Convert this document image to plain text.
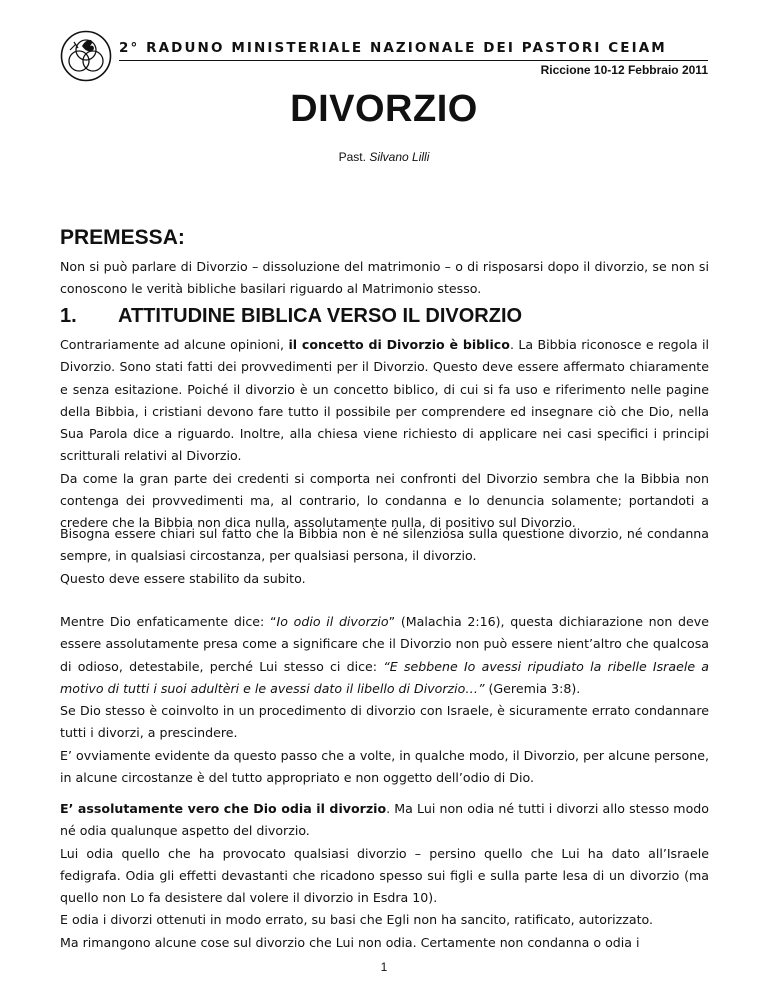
2° RADUNO MINISTERIALE NAZIONALE DEI PASTORI CEIAM
Riccione 10-12 Febbraio 2011
DIVORZIO
Past. Silvano Lilli
PREMESSA:

Non si può parlare di Divorzio – dissoluzione del matrimonio – o di risposarsi dopo il divorzio, se non si conoscono le verità bibliche basilari riguardo al Matrimonio stesso.

1. ATTITUDINE BIBLICA VERSO IL DIVORZIO

Contrariamente ad alcune opinioni, il concetto di Divorzio è biblico. La Bibbia riconosce e regola il Divorzio. Sono stati fatti dei provvedimenti per il Divorzio. Questo deve essere affermato chiaramente e senza esitazione. Poiché il divorzio è un concetto biblico, di cui si fa uso e riferimento nelle pagine della Bibbia, i cristiani devono fare tutto il possibile per comprendere ed insegnare ciò che Dio, nella Sua Parola dice a riguardo. Inoltre, alla chiesa viene richiesto di applicare nei casi specifici i principi scritturali relativi al Divorzio.

Da come la gran parte dei credenti si comporta nei confronti del Divorzio sembra che la Bibbia non contenga dei provvedimenti ma, al contrario, lo condanna e lo denuncia solamente; portandoti a credere che la Bibbia non dica nulla, assolutamente nulla, di positivo sul Divorzio.

Bisogna essere chiari sul fatto che la Bibbia non è né silenziosa sulla questione divorzio, né condanna sempre, in qualsiasi circostanza, per qualsiasi persona, il divorzio.

Questo deve essere stabilito da subito.

Mentre Dio enfaticamente dice: “Io odio il divorzio” (Malachia 2:16), questa dichiarazione non deve essere assolutamente presa come a significare che il Divorzio non può essere nient’altro che qualcosa di odioso, detestabile, perché Lui stesso ci dice: “E sebbene Io avessi ripudiato la ribelle Israele a motivo di tutti i suoi adultèri e le avessi dato il libello di Divorzio…” (Geremia 3:8).

Se Dio stesso è coinvolto in un procedimento di divorzio con Israele, è sicuramente errato condannare tutti i divorzi, a prescindere.

E’ ovviamente evidente da questo passo che a volte, in qualche modo, il Divorzio, per alcune persone, in alcune circostanze è del tutto appropriato e non oggetto dell’odio di Dio.

E’ assolutamente vero che Dio odia il divorzio. Ma Lui non odia né tutti i divorzi allo stesso modo né odia qualunque aspetto del divorzio.

Lui odia quello che ha provocato qualsiasi divorzio – persino quello che Lui ha dato all’Israele fedigrafa. Odia gli effetti devastanti che ricadono spesso sui figli e sulla parte lesa di un divorzio (ma quello non Lo fa desistere dal volere il divorzio in Esdra 10).

E odia i divorzi ottenuti in modo errato, su basi che Egli non ha sancito, ratificato, autorizzato.

Ma rimangono alcune cose sul divorzio che Lui non odia. Certamente non condanna o odia i

1
